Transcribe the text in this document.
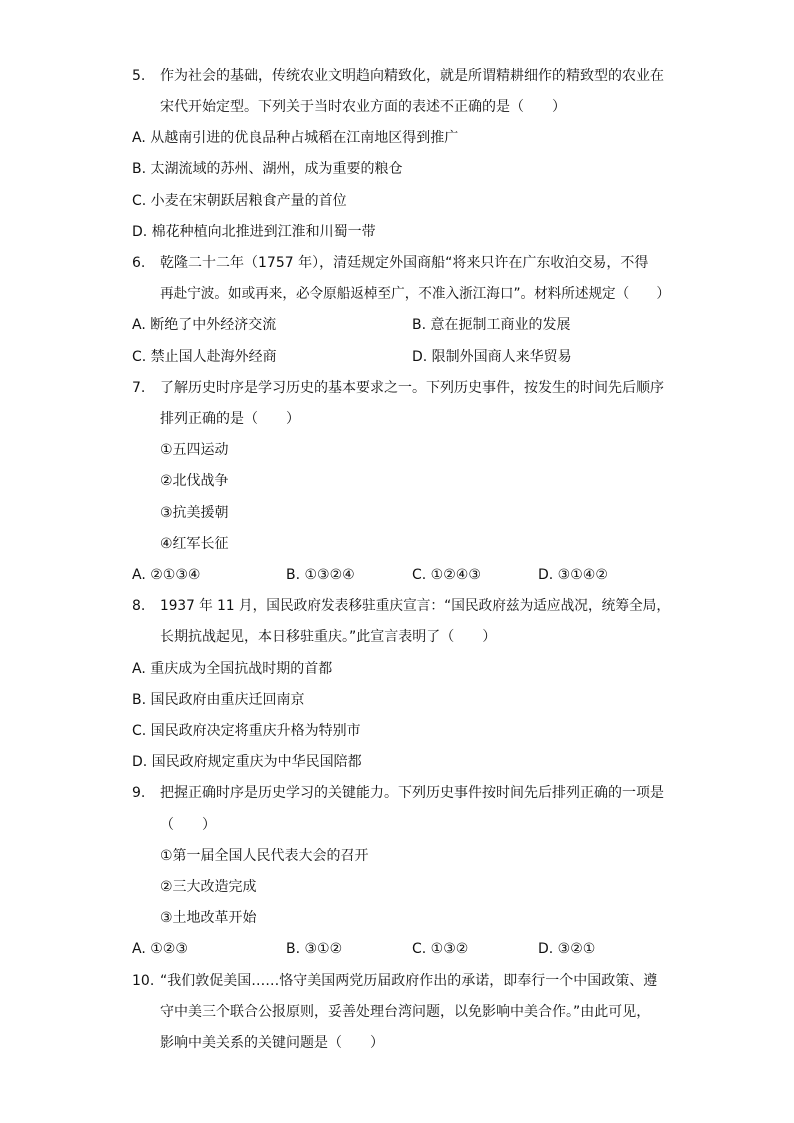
5. 作为社会的基础，传统农业文明趋向精致化，就是所谓精耕细作的精致型的农业在
宋代开始定型。下列关于当时农业方面的表述不正确的是（　　）
A. 从越南引进的优良品种占城稻在江南地区得到推广
B. 太湖流域的苏州、湖州，成为重要的粮仓
C. 小麦在宋朝跃居粮食产量的首位
D. 棉花种植向北推进到江淮和川蜀一带
6. 乾隆二十二年（1757 年），清廷规定外国商船“将来只许在广东收泊交易，不得
再赴宁波。如或再来，必令原船返棹至广，不准入浙江海口”。材料所述规定（　　）
A. 断绝了中外经济交流	B. 意在扼制工商业的发展
C. 禁止国人赴海外经商	D. 限制外国商人来华贸易
7. 了解历史时序是学习历史的基本要求之一。下列历史事件，按发生的时间先后顺序
排列正确的是（　　）
①五四运动
②北伐战争
③抗美援朝
④红军长征
A. ②①③④	B. ①③②④	C. ①②④③	D. ③①④②
8. 1937 年 11 月，国民政府发表移驻重庆宣言：“国民政府兹为适应战况，统筹全局，
长期抗战起见，本日移驻重庆。”此宣言表明了（　　）
A. 重庆成为全国抗战时期的首都
B. 国民政府由重庆迁回南京
C. 国民政府决定将重庆升格为特别市
D. 国民政府规定重庆为中华民国陪都
9. 把握正确时序是历史学习的关键能力。下列历史事件按时间先后排列正确的一项是
（　　）
①第一届全国人民代表大会的召开
②三大改造完成
③土地改革开始
A. ①②③	B. ③①②	C. ①③②	D. ③②①
10. “我们敦促美国……恪守美国两党历届政府作出的承诺，即奉行一个中国政策、遵
守中美三个联合公报原则，妥善处理台湾问题，以免影响中美合作。”由此可见，
影响中美关系的关键问题是（　　）
